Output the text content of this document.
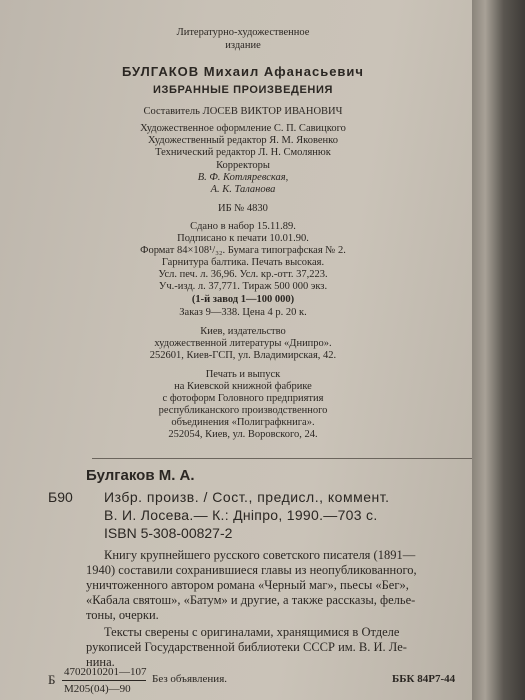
Литературно-художественное
издание
БУЛГАКОВ Михаил Афанасьевич
ИЗБРАННЫЕ ПРОИЗВЕДЕНИЯ
Составитель ЛОСЕВ ВИКТОР ИВАНОВИЧ
Художественное оформление С. П. Савицкого
Художественный редактор Я. М. Яковенко
Технический редактор Л. Н. Смолянюк
Корректоры
В. Ф. Котляревская,
А. К. Таланова
ИБ № 4830
Сдано в набор 15.11.89.
Подписано к печати 10.01.90.
Формат 84×108¹/₃₂. Бумага типографская № 2.
Гарнитура балтика. Печать высокая.
Усл. печ. л. 36,96. Усл. кр.-отт. 37,223.
Уч.-изд. л. 37,771. Тираж 500 000 экз.
(1-й завод 1—100 000)
Заказ 9—338. Цена 4 р. 20 к.
Киев, издательство
художественной литературы «Днипро».
252601, Киев-ГСП, ул. Владимирская, 42.
Печать и выпуск
на Киевской книжной фабрике
с фотоформ Головного предприятия
республиканского производственного
объединения «Полиграфкнига».
252054, Киев, ул. Воровского, 24.
Булгаков М. А.
Б90 Избр. произв. / Сост., предисл., коммент.
В. И. Лосева.— К.: Днiпро, 1990.—703 с.
ISBN 5-308-00827-2
Книгу крупнейшего русского советского писателя (1891—
1940) составили сохранившиеся главы из неопубликованного,
уничтоженного автором романа «Черный маг», пьесы «Бег»,
«Кабала святош», «Батум» и другие, а также рассказы, фелье-
тоны, очерки.
Тексты сверены с оригиналами, хранящимися в Отделе
рукописей Государственной библиотеки СССР им. В. И. Ле-
нина.
Б 4702010201—107
М205(04)—90
Без объявления.	ББК 84Р7-44
